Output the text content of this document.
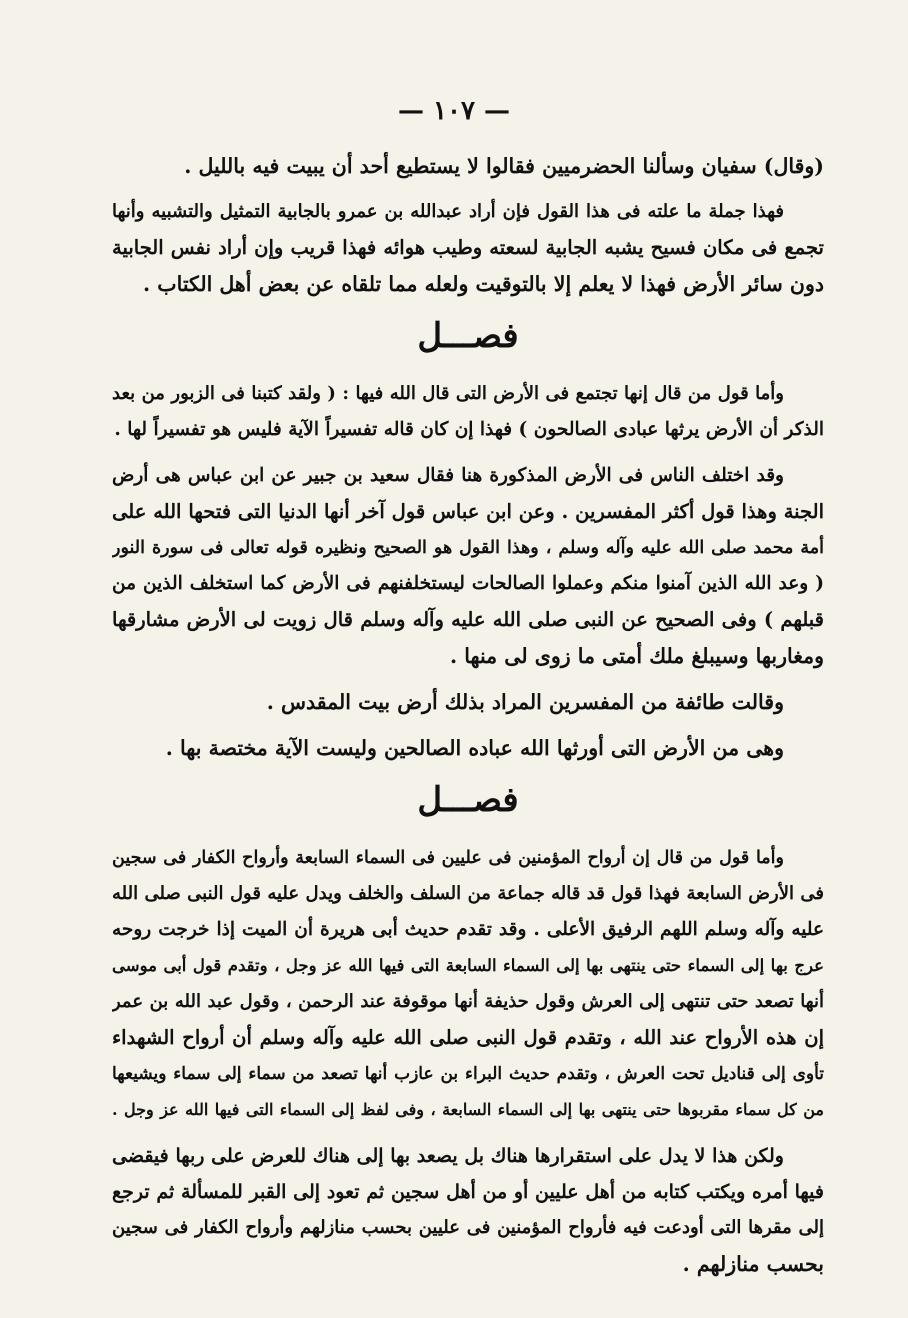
— ١٠٧ —
(وقال) سفيان وسألنا الحضرميين فقالوا لا يستطيع أحد أن يبيت فيه بالليل .
فهذا جملة ما علته فى هذا القول فإن أراد عبدالله بن عمرو بالجابية التمثيل والتشبيه وأنها
تجمع فى مكان فسيح يشبه الجابية لسعته وطيب هوائه فهذا قريب وإن أراد نفس الجابية
دون سائر الأرض فهذا لا يعلم إلا بالتوقيت ولعله مما تلقاه عن بعض أهل الكتاب .
فصـــل
وأما قول من قال إنها تجتمع فى الأرض التى قال الله فيها : ( ولقد كتبنا فى الزبور من بعد
الذكر أن الأرض يرثها عبادى الصالحون ) فهذا إن كان قاله تفسيراً الآية فليس هو تفسيراً لها .
وقد اختلف الناس فى الأرض المذكورة هنا فقال سعيد بن جبير عن ابن عباس هى أرض
الجنة وهذا قول أكثر المفسرين . وعن ابن عباس قول آخر أنها الدنيا التى فتحها الله على
أمة محمد صلى الله عليه وآله وسلم ، وهذا القول هو الصحيح ونظيره قوله تعالى فى سورة النور
( وعد الله الذين آمنوا منكم وعملوا الصالحات ليستخلفنهم فى الأرض كما استخلف الذين من
قبلهم ) وفى الصحيح عن النبى صلى الله عليه وآله وسلم قال زويت لى الأرض مشارقها
ومغاربها وسيبلغ ملك أمتى ما زوى لى منها .
وقالت طائفة من المفسرين المراد بذلك أرض بيت المقدس .
وهى من الأرض التى أورثها الله عباده الصالحين وليست الآية مختصة بها .
فصـــل
وأما قول من قال إن أرواح المؤمنين فى عليين فى السماء السابعة وأرواح الكفار فى سجين
فى الأرض السابعة فهذا قول قد قاله جماعة من السلف والخلف ويدل عليه قول النبى صلى الله
عليه وآله وسلم اللهم الرفيق الأعلى . وقد تقدم حديث أبى هريرة أن الميت إذا خرجت روحه
عرج بها إلى السماء حتى ينتهى بها إلى السماء السابعة التى فيها الله عز وجل ، وتقدم قول أبى موسى
أنها تصعد حتى تنتهى إلى العرش وقول حذيفة أنها موقوفة عند الرحمن ، وقول عبد الله بن عمر
إن هذه الأرواح عند الله ، وتقدم قول النبى صلى الله عليه وآله وسلم أن أرواح الشهداء
تأوى إلى قناديل تحت العرش ، وتقدم حديث البراء بن عازب أنها تصعد من سماء إلى سماء ويشيعها
من كل سماء مقربوها حتى ينتهى بها إلى السماء السابعة ، وفى لفظ إلى السماء التى فيها الله عز وجل .
ولكن هذا لا يدل على استقرارها هناك بل يصعد بها إلى هناك للعرض على ربها فيقضى
فيها أمره ويكتب كتابه من أهل عليين أو من أهل سجين ثم تعود إلى القبر للمسألة ثم ترجع
إلى مقرها التى أودعت فيه فأرواح المؤمنين فى عليين بحسب منازلهم وأرواح الكفار فى سجين
بحسب منازلهم .
